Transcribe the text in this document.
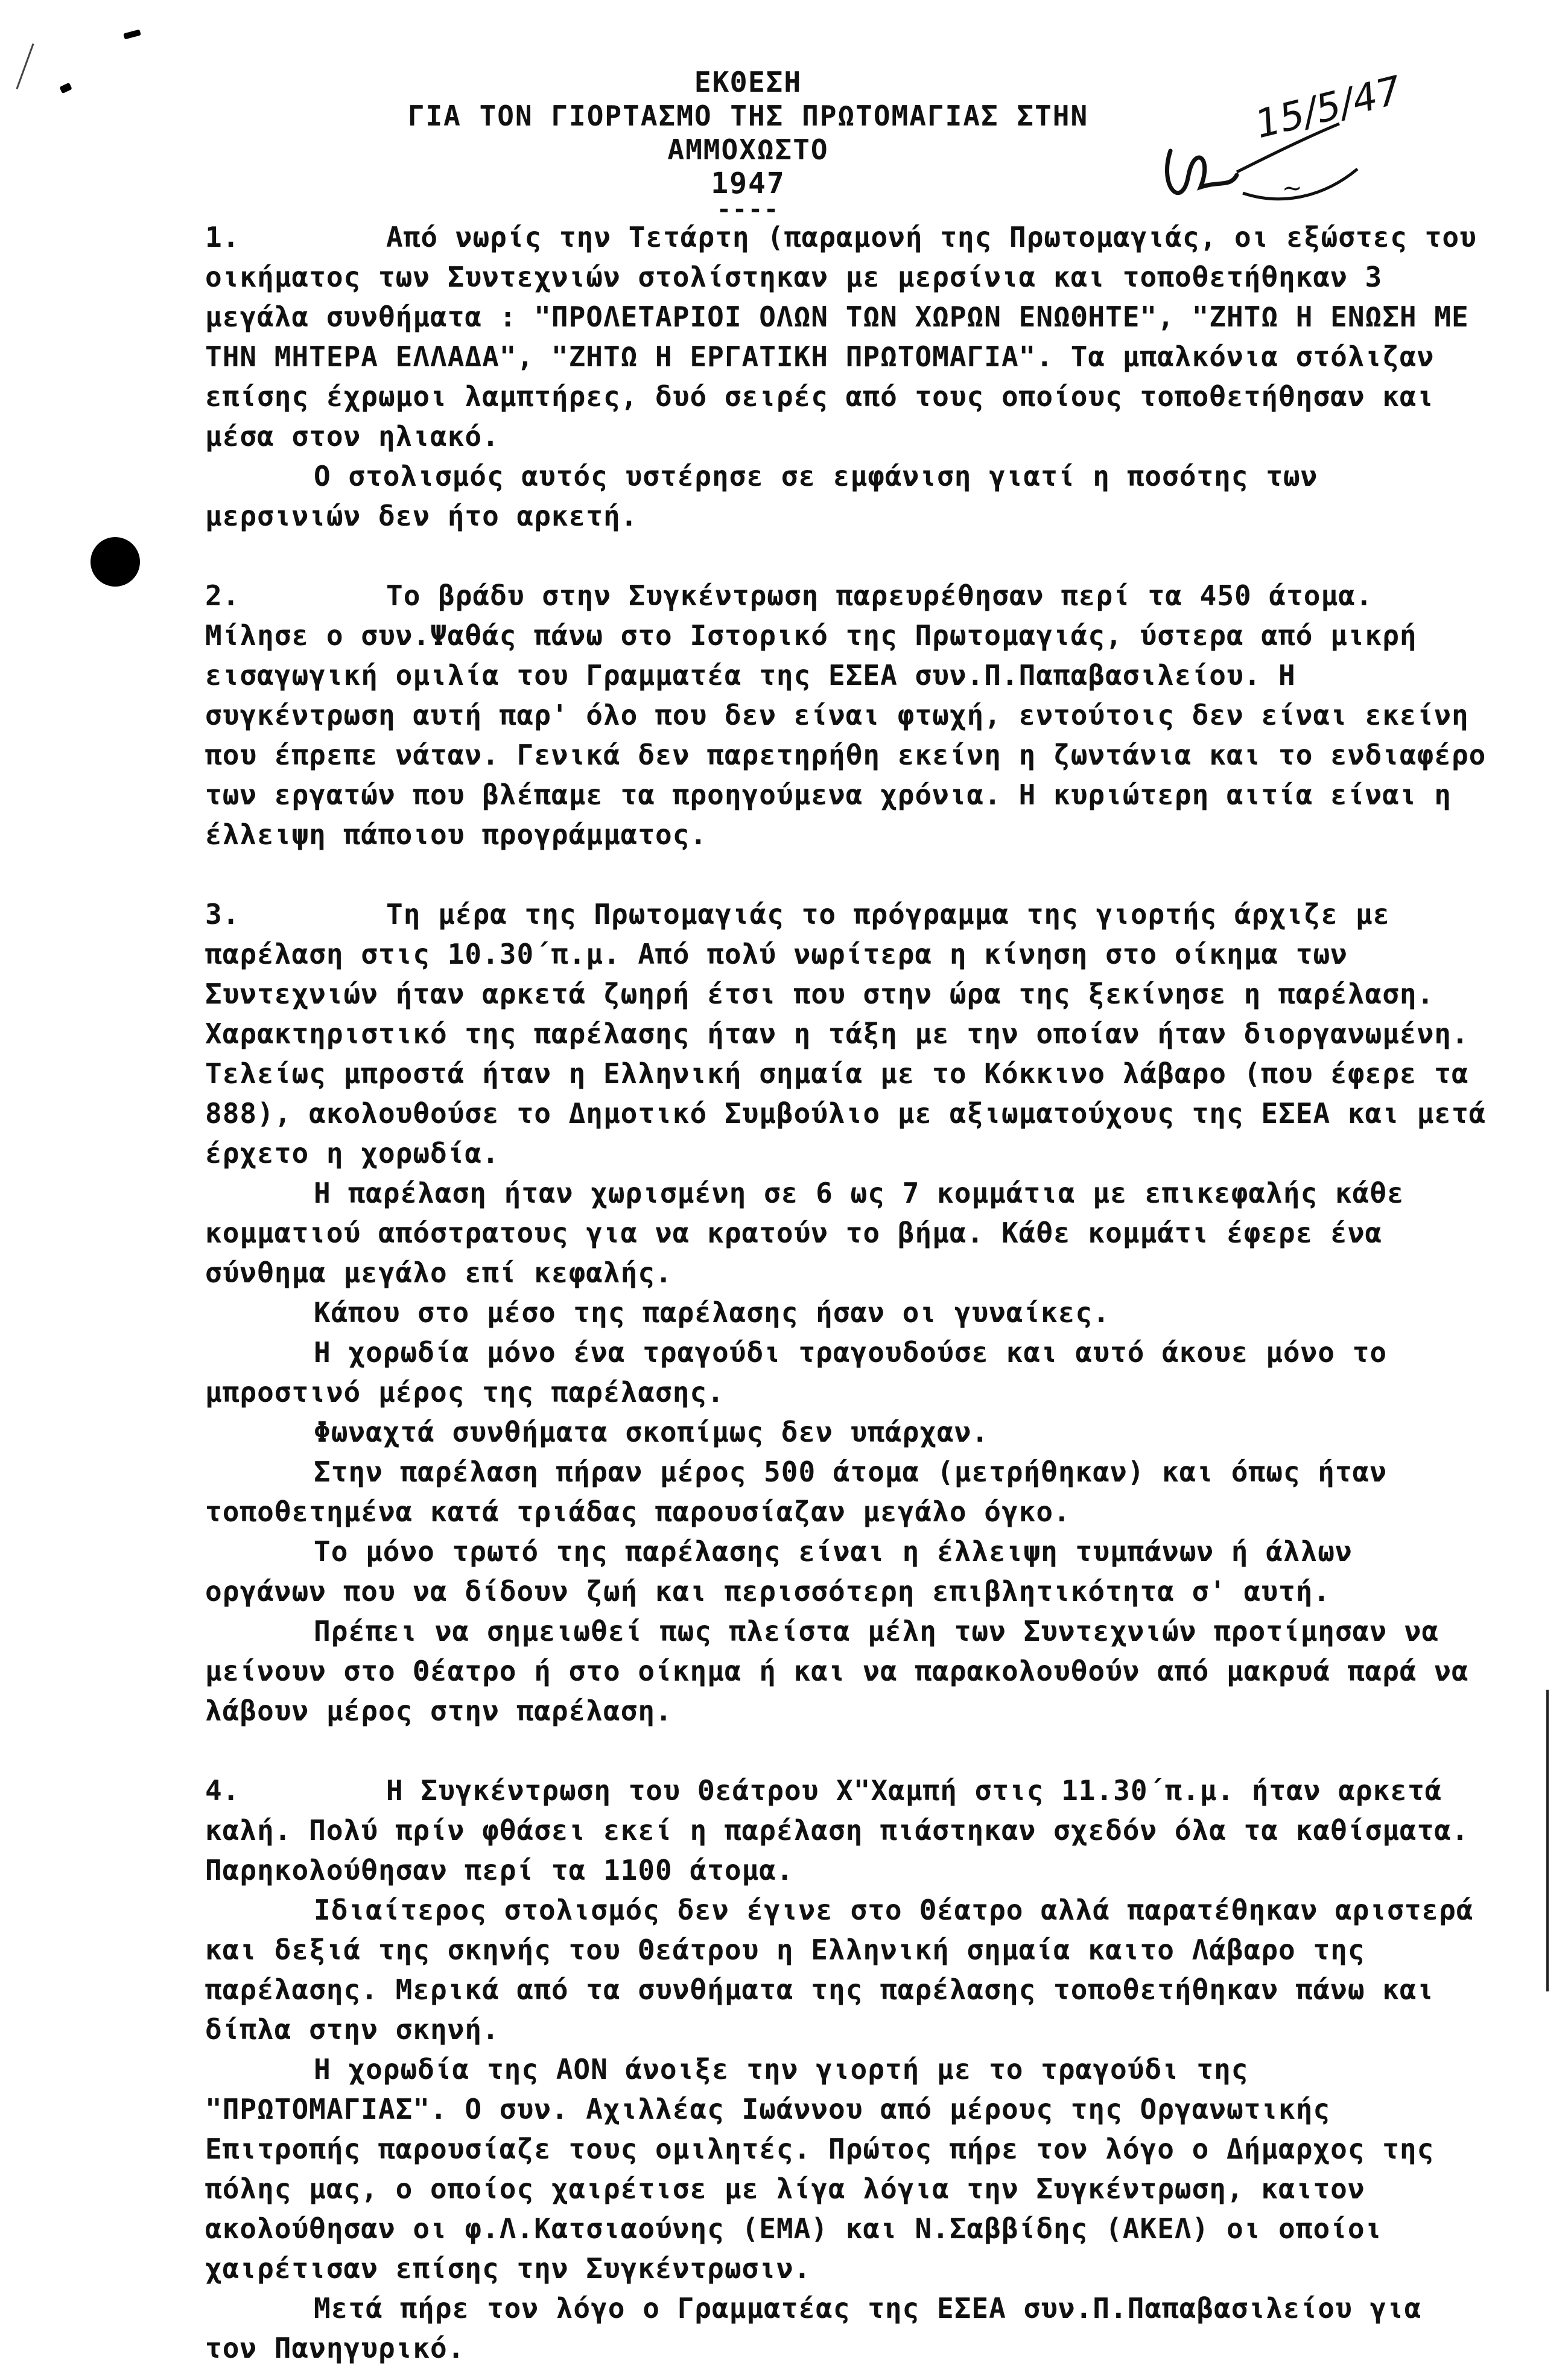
15/5/47
~
ΕΚΘΕΣΗ
ΓΙΑ ΤΟΝ ΓΙΟΡΤΑΣΜΟ ΤΗΣ ΠΡΩΤΟΜΑΓΙΑΣ ΣΤΗΝ
ΑΜΜΟΧΩΣΤΟ
1947
----

1.	Από νωρίς την Τετάρτη (παραμονή της Πρωτομαγιάς, οι εξώστες του οικήματος των Συντεχνιών στολίστηκαν με μερσίνια και τοποθετήθηκαν 3 μεγάλα συνθήματα : "ΠΡΟΛΕΤΑΡΙΟΙ ΟΛΩΝ ΤΩΝ ΧΩΡΩΝ ΕΝΩΘΗΤΕ", "ΖΗΤΩ Η ΕΝΩΣΗ ΜΕ ΤΗΝ ΜΗΤΕΡΑ ΕΛΛΑΔΑ", "ΖΗΤΩ Η ΕΡΓΑΤΙΚΗ ΠΡΩΤΟΜΑΓΙΑ". Τα μπαλκόνια στόλιζαν επίσης έχρωμοι λαμπτήρες, δυό σειρές από τους οποίους τοποθετήθησαν και μέσα στον ηλιακό.

Ο στολισμός αυτός υστέρησε σε εμφάνιση γιατί η ποσότης των μερσινιών δεν ήτο αρκετή.

2.	Το βράδυ στην Συγκέντρωση παρευρέθησαν περί τα 450 άτομα. Μίλησε ο συν.Ψαθάς πάνω στο Ιστορικό της Πρωτομαγιάς, ύστερα από μικρή εισαγωγική ομιλία του Γραμματέα της ΕΣΕΑ συν.Π.Παπαβασιλείου. Η συγκέντρωση αυτή παρ' όλο που δεν είναι φτωχή, εντούτοις δεν είναι εκείνη που έπρεπε νάταν. Γενικά δεν παρετηρήθη εκείνη η ζωντάνια και το ενδιαφέρο των εργατών που βλέπαμε τα προηγούμενα χρόνια. Η κυριώτερη αιτία είναι η έλλειψη πάποιου προγράμματος.

3.	Τη μέρα της Πρωτομαγιάς το πρόγραμμα της γιορτής άρχιζε με παρέλαση στις 10.30΄π.μ. Από πολύ νωρίτερα η κίνηση στο οίκημα των Συντεχνιών ήταν αρκετά ζωηρή έτσι που στην ώρα της ξεκίνησε η παρέλαση. Χαρακτηριστικό της παρέλασης ήταν η τάξη με την οποίαν ήταν διοργανωμένη. Τελείως μπροστά ήταν η Ελληνική σημαία με το Κόκκινο λάβαρο (που έφερε τα 888), ακολουθούσε το Δημοτικό Συμβούλιο με αξιωματούχους της ΕΣΕΑ και μετά έρχετο η χορωδία.

Η παρέλαση ήταν χωρισμένη σε 6 ως 7 κομμάτια με επικεφαλής κάθε κομματιού απόστρατους για να κρατούν το βήμα. Κάθε κομμάτι έφερε ένα σύνθημα μεγάλο επί κεφαλής.

Κάπου στο μέσο της παρέλασης ήσαν οι γυναίκες.

Η χορωδία μόνο ένα τραγούδι τραγουδούσε και αυτό άκουε μόνο το μπροστινό μέρος της παρέλασης.

Φωναχτά συνθήματα σκοπίμως δεν υπάρχαν.

Στην παρέλαση πήραν μέρος 500 άτομα (μετρήθηκαν) και όπως ήταν τοποθετημένα κατά τριάδας παρουσίαζαν μεγάλο όγκο.

Το μόνο τρωτό της παρέλασης είναι η έλλειψη τυμπάνων ή άλλων οργάνων που να δίδουν ζωή και περισσότερη επιβλητικότητα σ' αυτή.

Πρέπει να σημειωθεί πως πλείστα μέλη των Συντεχνιών προτίμησαν να μείνουν στο Θέατρο ή στο οίκημα ή και να παρακολουθούν από μακρυά παρά να λάβουν μέρος στην παρέλαση.

4.	Η Συγκέντρωση του Θεάτρου Χ"Χαμπή στις 11.30΄π.μ. ήταν αρκετά καλή. Πολύ πρίν φθάσει εκεί η παρέλαση πιάστηκαν σχεδόν όλα τα καθίσματα. Παρηκολούθησαν περί τα 1100 άτομα.

Ιδιαίτερος στολισμός δεν έγινε στο Θέατρο αλλά παρατέθηκαν αριστερά και δεξιά της σκηνής του Θεάτρου η Ελληνική σημαία καιτο Λάβαρο της παρέλασης. Μερικά από τα συνθήματα της παρέλασης τοποθετήθηκαν πάνω και δίπλα στην σκηνή.

Η χορωδία της ΑΟΝ άνοιξε την γιορτή με το τραγούδι της "ΠΡΩΤΟΜΑΓΙΑΣ". Ο συν. Αχιλλέας Ιωάννου από μέρους της Οργανωτικής Επιτροπής παρουσίαζε τους ομιλητές. Πρώτος πήρε τον λόγο ο Δήμαρχος της πόλης μας, ο οποίος χαιρέτισε με λίγα λόγια την Συγκέντρωση, καιτον ακολούθησαν οι φ.Λ.Κατσιαούνης (ΕΜΑ) και Ν.Σαββίδης (ΑΚΕΛ) οι οποίοι χαιρέτισαν επίσης την Συγκέντρωσιν.

Μετά πήρε τον λόγο ο Γραμματέας της ΕΣΕΑ συν.Π.Παπαβασιλείου για τον Πανηγυρικό.
